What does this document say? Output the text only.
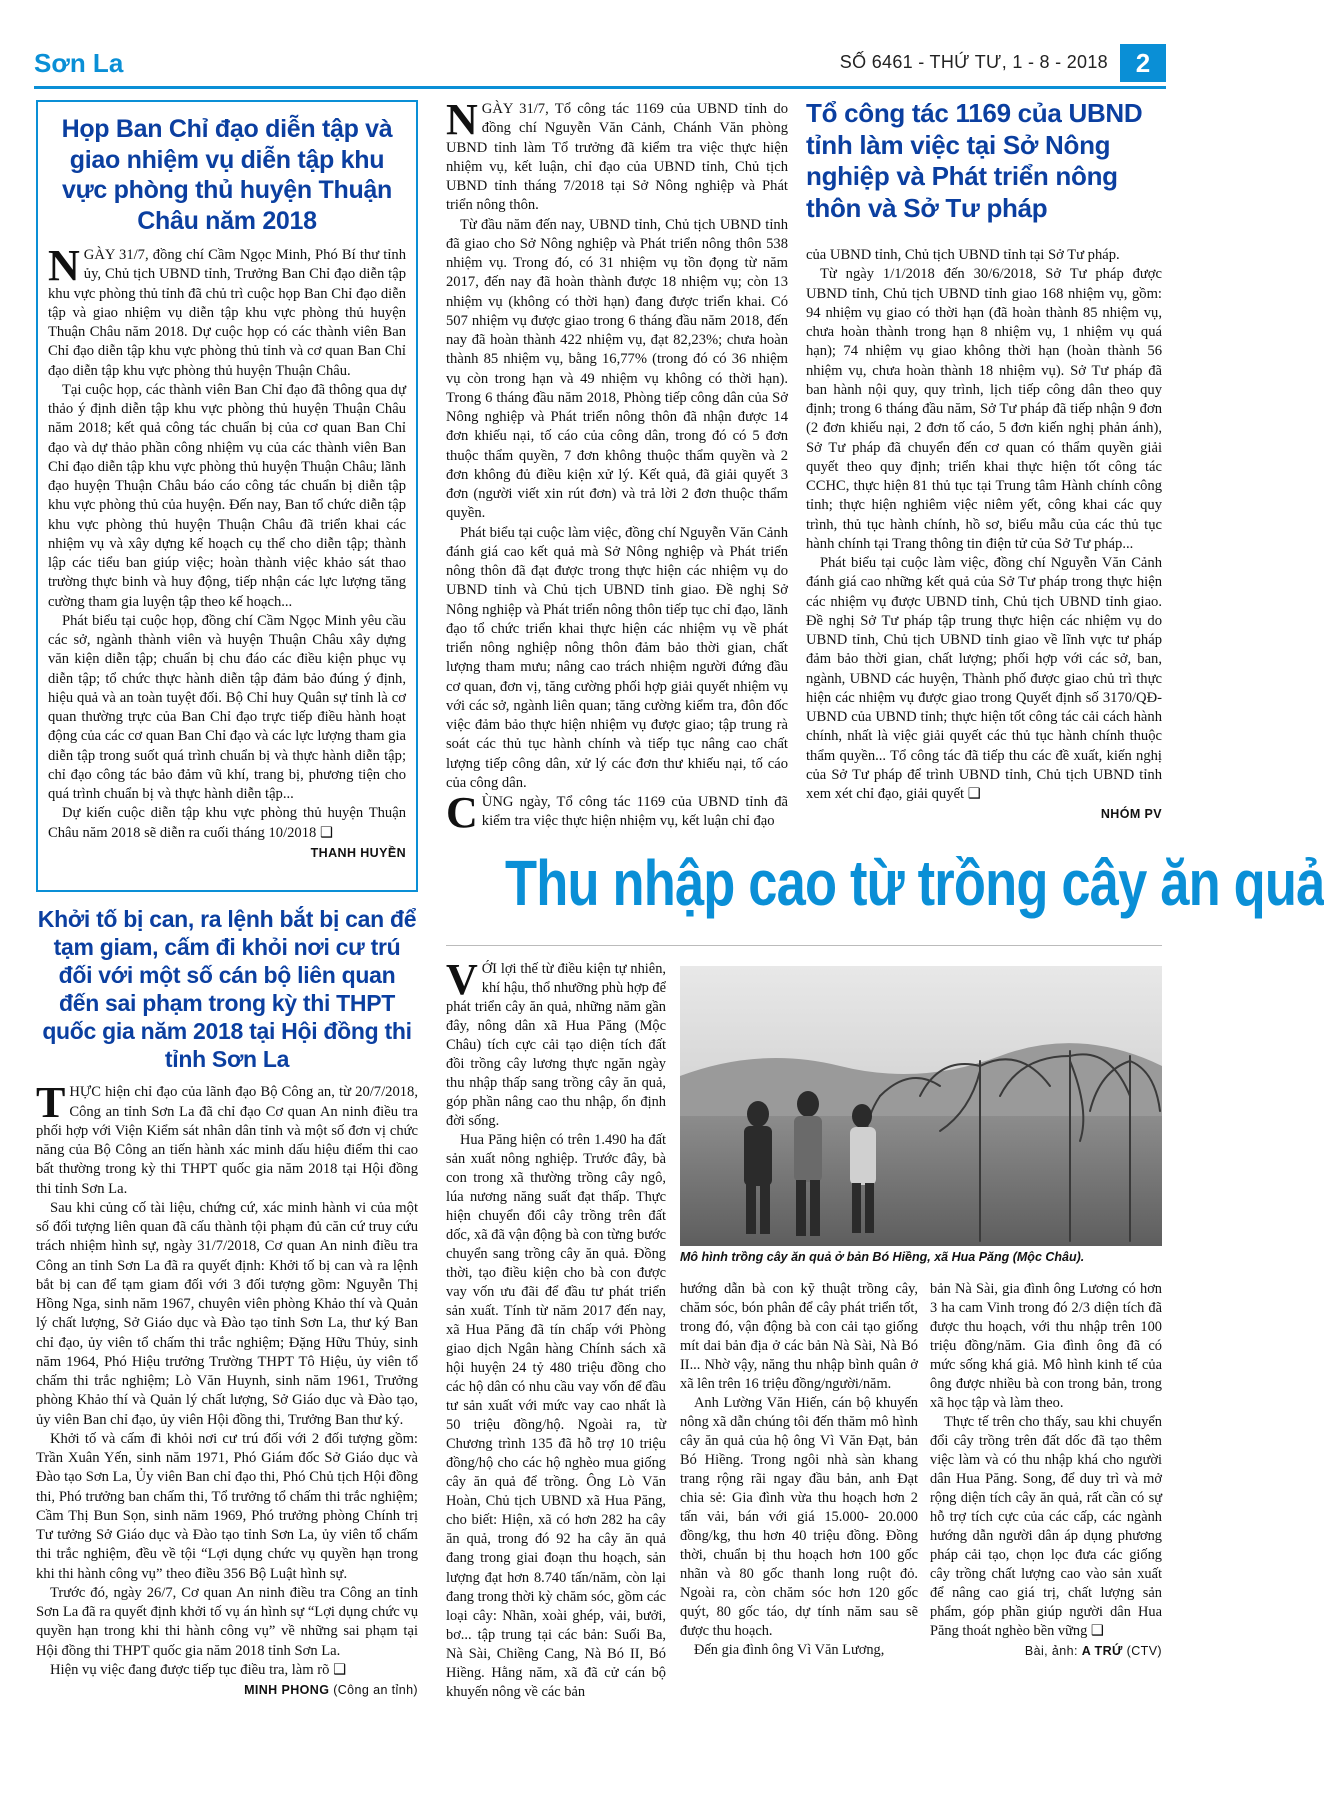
Sơn La	SỐ 6461 - THỨ TƯ, 1 - 8 - 2018	2
Họp Ban Chỉ đạo diễn tập và giao nhiệm vụ diễn tập khu vực phòng thủ huyện Thuận Châu năm 2018

NGÀY 31/7, đồng chí Cầm Ngọc Minh, Phó Bí thư tỉnh ủy, Chủ tịch UBND tỉnh, Trưởng Ban Chỉ đạo diễn tập khu vực phòng thủ tỉnh đã chủ trì cuộc họp Ban Chỉ đạo diễn tập và giao nhiệm vụ diễn tập khu vực phòng thủ huyện Thuận Châu năm 2018. Dự cuộc họp có các thành viên Ban Chỉ đạo diễn tập khu vực phòng thủ tỉnh và cơ quan Ban Chỉ đạo diễn tập khu vực phòng thủ huyện Thuận Châu.

Tại cuộc họp, các thành viên Ban Chỉ đạo đã thông qua dự thảo ý định diễn tập khu vực phòng thủ huyện Thuận Châu năm 2018; kết quả công tác chuẩn bị của cơ quan Ban Chỉ đạo và dự thảo phần công nhiệm vụ của các thành viên Ban Chỉ đạo diễn tập khu vực phòng thủ huyện Thuận Châu; lãnh đạo huyện Thuận Châu báo cáo công tác chuẩn bị diễn tập khu vực phòng thủ của huyện. Đến nay, Ban tổ chức diễn tập khu vực phòng thủ huyện Thuận Châu đã triển khai các nhiệm vụ và xây dựng kế hoạch cụ thể cho diễn tập; thành lập các tiểu ban giúp việc; hoàn thành việc khảo sát thao trường thực binh và huy động, tiếp nhận các lực lượng tăng cường tham gia luyện tập theo kế hoạch...

Phát biểu tại cuộc họp, đồng chí Cầm Ngọc Minh yêu cầu các sở, ngành thành viên và huyện Thuận Châu xây dựng văn kiện diễn tập; chuẩn bị chu đáo các điều kiện phục vụ diễn tập; tổ chức thực hành diễn tập đảm bảo đúng ý định, hiệu quả và an toàn tuyệt đối. Bộ Chỉ huy Quân sự tỉnh là cơ quan thường trực của Ban Chỉ đạo trực tiếp điều hành hoạt động của các cơ quan Ban Chỉ đạo và các lực lượng tham gia diễn tập trong suốt quá trình chuẩn bị và thực hành diễn tập; chỉ đạo công tác bảo đảm vũ khí, trang bị, phương tiện cho quá trình chuẩn bị và thực hành diễn tập...

Dự kiến cuộc diễn tập khu vực phòng thủ huyện Thuận Châu năm 2018 sẽ diễn ra cuối tháng 10/2018 ❑

THANH HUYỀN

NGÀY 31/7, Tổ công tác 1169 của UBND tỉnh do đồng chí Nguyễn Văn Cảnh, Chánh Văn phòng UBND tỉnh làm Tổ trưởng đã kiểm tra việc thực hiện nhiệm vụ, kết luận, chỉ đạo của UBND tỉnh, Chủ tịch UBND tỉnh tháng 7/2018 tại Sở Nông nghiệp và Phát triển nông thôn.

Từ đầu năm đến nay, UBND tỉnh, Chủ tịch UBND tỉnh đã giao cho Sở Nông nghiệp và Phát triển nông thôn 538 nhiệm vụ. Trong đó, có 31 nhiệm vụ tồn đọng từ năm 2017, đến nay đã hoàn thành được 18 nhiệm vụ; còn 13 nhiệm vụ (không có thời hạn) đang được triển khai. Có 507 nhiệm vụ được giao trong 6 tháng đầu năm 2018, đến nay đã hoàn thành 422 nhiệm vụ, đạt 82,23%; chưa hoàn thành 85 nhiệm vụ, bằng 16,77% (trong đó có 36 nhiệm vụ còn trong hạn và 49 nhiệm vụ không có thời hạn). Trong 6 tháng đầu năm 2018, Phòng tiếp công dân của Sở Nông nghiệp và Phát triển nông thôn đã nhận được 14 đơn khiếu nại, tố cáo của công dân, trong đó có 5 đơn thuộc thẩm quyền, 7 đơn không thuộc thẩm quyền và 2 đơn không đủ điều kiện xử lý. Kết quả, đã giải quyết 3 đơn (người viết xin rút đơn) và trả lời 2 đơn thuộc thẩm quyền.

Phát biểu tại cuộc làm việc, đồng chí Nguyễn Văn Cảnh đánh giá cao kết quả mà Sở Nông nghiệp và Phát triển nông thôn đã đạt được trong thực hiện các nhiệm vụ do UBND tỉnh và Chủ tịch UBND tỉnh giao. Đề nghị Sở Nông nghiệp và Phát triển nông thôn tiếp tục chỉ đạo, lãnh đạo tổ chức triển khai thực hiện các nhiệm vụ về phát triển nông nghiệp nông thôn đảm bảo thời gian, chất lượng tham mưu; nâng cao trách nhiệm người đứng đầu cơ quan, đơn vị, tăng cường phối hợp giải quyết nhiệm vụ với các sở, ngành liên quan; tăng cường kiểm tra, đôn đốc việc đảm bảo thực hiện nhiệm vụ được giao; tập trung rà soát các thủ tục hành chính và tiếp tục nâng cao chất lượng tiếp công dân, xử lý các đơn thư khiếu nại, tố cáo của công dân.

CÙNG ngày, Tổ công tác 1169 của UBND tỉnh đã kiểm tra việc thực hiện nhiệm vụ, kết luận chỉ đạo

Tổ công tác 1169 của UBND tỉnh làm việc tại Sở Nông nghiệp và Phát triển nông thôn và Sở Tư pháp

của UBND tỉnh, Chủ tịch UBND tỉnh tại Sở Tư pháp.

Từ ngày 1/1/2018 đến 30/6/2018, Sở Tư pháp được UBND tỉnh, Chủ tịch UBND tỉnh giao 168 nhiệm vụ, gồm: 94 nhiệm vụ giao có thời hạn (đã hoàn thành 85 nhiệm vụ, chưa hoàn thành trong hạn 8 nhiệm vụ, 1 nhiệm vụ quá hạn); 74 nhiệm vụ giao không thời hạn (hoàn thành 56 nhiệm vụ, chưa hoàn thành 18 nhiệm vụ). Sở Tư pháp đã ban hành nội quy, quy trình, lịch tiếp công dân theo quy định; trong 6 tháng đầu năm, Sở Tư pháp đã tiếp nhận 9 đơn (2 đơn khiếu nại, 2 đơn tố cáo, 5 đơn kiến nghị phản ánh), Sở Tư pháp đã chuyển đến cơ quan có thẩm quyền giải quyết theo quy định; triển khai thực hiện tốt công tác CCHC, thực hiện 81 thủ tục tại Trung tâm Hành chính công tỉnh; thực hiện nghiêm việc niêm yết, công khai các quy trình, thủ tục hành chính, hồ sơ, biểu mẫu của các thủ tục hành chính tại Trang thông tin điện tử của Sở Tư pháp...

Phát biểu tại cuộc làm việc, đồng chí Nguyễn Văn Cảnh đánh giá cao những kết quả của Sở Tư pháp trong thực hiện các nhiệm vụ được UBND tỉnh, Chủ tịch UBND tỉnh giao. Đề nghị Sở Tư pháp tập trung thực hiện các nhiệm vụ do UBND tỉnh, Chủ tịch UBND tỉnh giao về lĩnh vực tư pháp đảm bảo thời gian, chất lượng; phối hợp với các sở, ban, ngành, UBND các huyện, Thành phố được giao chủ trì thực hiện các nhiệm vụ được giao trong Quyết định số 3170/QĐ-UBND của UBND tỉnh; thực hiện tốt công tác cải cách hành chính, nhất là việc giải quyết các thủ tục hành chính thuộc thẩm quyền... Tổ công tác đã tiếp thu các đề xuất, kiến nghị của Sở Tư pháp để trình UBND tỉnh, Chủ tịch UBND tỉnh xem xét chỉ đạo, giải quyết ❑

NHÓM PV
Khởi tố bị can, ra lệnh bắt bị can để tạm giam, cấm đi khỏi nơi cư trú đối với một số cán bộ liên quan đến sai phạm trong kỳ thi THPT quốc gia năm 2018 tại Hội đồng thi tỉnh Sơn La

THỰC hiện chỉ đạo của lãnh đạo Bộ Công an, từ 20/7/2018, Công an tỉnh Sơn La đã chỉ đạo Cơ quan An ninh điều tra phối hợp với Viện Kiểm sát nhân dân tỉnh và một số đơn vị chức năng của Bộ Công an tiến hành xác minh dấu hiệu điểm thi cao bất thường trong kỳ thi THPT quốc gia năm 2018 tại Hội đồng thi tỉnh Sơn La.

Sau khi củng cố tài liệu, chứng cứ, xác minh hành vi của một số đối tượng liên quan đã cấu thành tội phạm đủ căn cứ truy cứu trách nhiệm hình sự, ngày 31/7/2018, Cơ quan An ninh điều tra Công an tỉnh Sơn La đã ra quyết định: Khởi tố bị can và ra lệnh bắt bị can để tạm giam đối với 3 đối tượng gồm: Nguyễn Thị Hồng Nga, sinh năm 1967, chuyên viên phòng Khảo thí và Quản lý chất lượng, Sở Giáo dục và Đào tạo tỉnh Sơn La, thư ký Ban chỉ đạo, ủy viên tổ chấm thi trắc nghiệm; Đặng Hữu Thủy, sinh năm 1964, Phó Hiệu trưởng Trường THPT Tô Hiệu, ủy viên tổ chấm thi trắc nghiệm; Lò Văn Huynh, sinh năm 1961, Trưởng phòng Khảo thí và Quản lý chất lượng, Sở Giáo dục và Đào tạo, ủy viên Ban chỉ đạo, ủy viên Hội đồng thi, Trưởng Ban thư ký.

Khởi tố và cấm đi khỏi nơi cư trú đối với 2 đối tượng gồm: Trần Xuân Yến, sinh năm 1971, Phó Giám đốc Sở Giáo dục và Đào tạo Sơn La, Ủy viên Ban chỉ đạo thi, Phó Chủ tịch Hội đồng thi, Phó trưởng ban chấm thi, Tổ trưởng tổ chấm thi trắc nghiệm; Cầm Thị Bun Sọn, sinh năm 1969, Phó trưởng phòng Chính trị Tư tưởng Sở Giáo dục và Đào tạo tỉnh Sơn La, ủy viên tổ chấm thi trắc nghiệm, đều về tội “Lợi dụng chức vụ quyền hạn trong khi thi hành công vụ” theo điều 356 Bộ Luật hình sự.

Trước đó, ngày 26/7, Cơ quan An ninh điều tra Công an tỉnh Sơn La đã ra quyết định khởi tố vụ án hình sự “Lợi dụng chức vụ quyền hạn trong khi thi hành công vụ” về những sai phạm tại Hội đồng thi THPT quốc gia năm 2018 tỉnh Sơn La.

Hiện vụ việc đang được tiếp tục điều tra, làm rõ ❑

MINH PHONG (Công an tỉnh)
Thu nhập cao từ trồng cây ăn quả

VỚI lợi thế từ điều kiện tự nhiên, khí hậu, thổ nhưỡng phù hợp để phát triển cây ăn quả, những năm gần đây, nông dân xã Hua Păng (Mộc Châu) tích cực cải tạo diện tích đất đồi trồng cây lương thực ngăn ngày thu nhập thấp sang trồng cây ăn quả, góp phần nâng cao thu nhập, ổn định đời sống.

Hua Păng hiện có trên 1.490 ha đất sản xuất nông nghiệp. Trước đây, bà con trong xã thường trồng cây ngô, lúa nương năng suất đạt thấp. Thực hiện chuyển đổi cây trồng trên đất dốc, xã đã vận động bà con từng bước chuyển sang trồng cây ăn quả. Đồng thời, tạo điều kiện cho bà con được vay vốn ưu đãi để đầu tư phát triển sản xuất. Tính từ năm 2017 đến nay, xã Hua Păng đã tín chấp với Phòng giao dịch Ngân hàng Chính sách xã hội huyện 24 tỷ 480 triệu đồng cho các hộ dân có nhu cầu vay vốn để đầu tư sản xuất với mức vay cao nhất là 50 triệu đồng/hộ. Ngoài ra, từ Chương trình 135 đã hỗ trợ 10 triệu đồng/hộ cho các hộ nghèo mua giống cây ăn quả để trồng. Ông Lò Văn Hoàn, Chủ tịch UBND xã Hua Păng, cho biết: Hiện, xã có hơn 282 ha cây ăn quả, trong đó 92 ha cây ăn quả đang trong giai đoạn thu hoạch, sản lượng đạt hơn 8.740 tấn/năm, còn lại đang trong thời kỳ chăm sóc, gồm các loại cây: Nhãn, xoài ghép, vải, bưởi, bơ... tập trung tại các bản: Suối Ba, Nà Sài, Chiềng Cang, Nà Bó II, Bó Hiềng. Hằng năm, xã đã cử cán bộ khuyến nông về các bản

Mô hình trồng cây ăn quả ở bản Bó Hiềng, xã Hua Păng (Mộc Châu).

hướng dẫn bà con kỹ thuật trồng cây, chăm sóc, bón phân để cây phát triển tốt, trong đó, vận động bà con cải tạo giống mít dai bản địa ở các bản Nà Sài, Nà Bó II... Nhờ vậy, năng thu nhập bình quân ở xã lên trên 16 triệu đồng/người/năm.

Anh Lường Văn Hiến, cán bộ khuyến nông xã dẫn chúng tôi đến thăm mô hình cây ăn quả của hộ ông Vì Văn Đạt, bản Bó Hiềng. Trong ngôi nhà sàn khang trang rộng rãi ngay đầu bản, anh Đạt chia sẻ: Gia đình vừa thu hoạch hơn 2 tấn vải, bán với giá 15.000- 20.000 đồng/kg, thu hơn 40 triệu đồng. Đồng thời, chuẩn bị thu hoạch hơn 100 gốc nhãn và 80 gốc thanh long ruột đỏ. Ngoài ra, còn chăm sóc hơn 120 gốc quýt, 80 gốc táo, dự tính năm sau sẽ được thu hoạch.

Đến gia đình ông Vì Văn Lương,

bản Nà Sài, gia đình ông Lương có hơn 3 ha cam Vinh trong đó 2/3 diện tích đã được thu hoạch, với thu nhập trên 100 triệu đồng/năm. Gia đình ông đã có mức sống khá giả. Mô hình kinh tế của ông được nhiều bà con trong bản, trong xã học tập và làm theo.

Thực tế trên cho thấy, sau khi chuyển đổi cây trồng trên đất dốc đã tạo thêm việc làm và có thu nhập khá cho người dân Hua Păng. Song, để duy trì và mở rộng diện tích cây ăn quả, rất cần có sự hỗ trợ tích cực của các cấp, các ngành hướng dẫn người dân áp dụng phương pháp cải tạo, chọn lọc đưa các giống cây trồng chất lượng cao vào sản xuất để nâng cao giá trị, chất lượng sản phẩm, góp phần giúp người dân Hua Păng thoát nghèo bền vững ❑

Bài, ảnh: A TRỨ (CTV)
